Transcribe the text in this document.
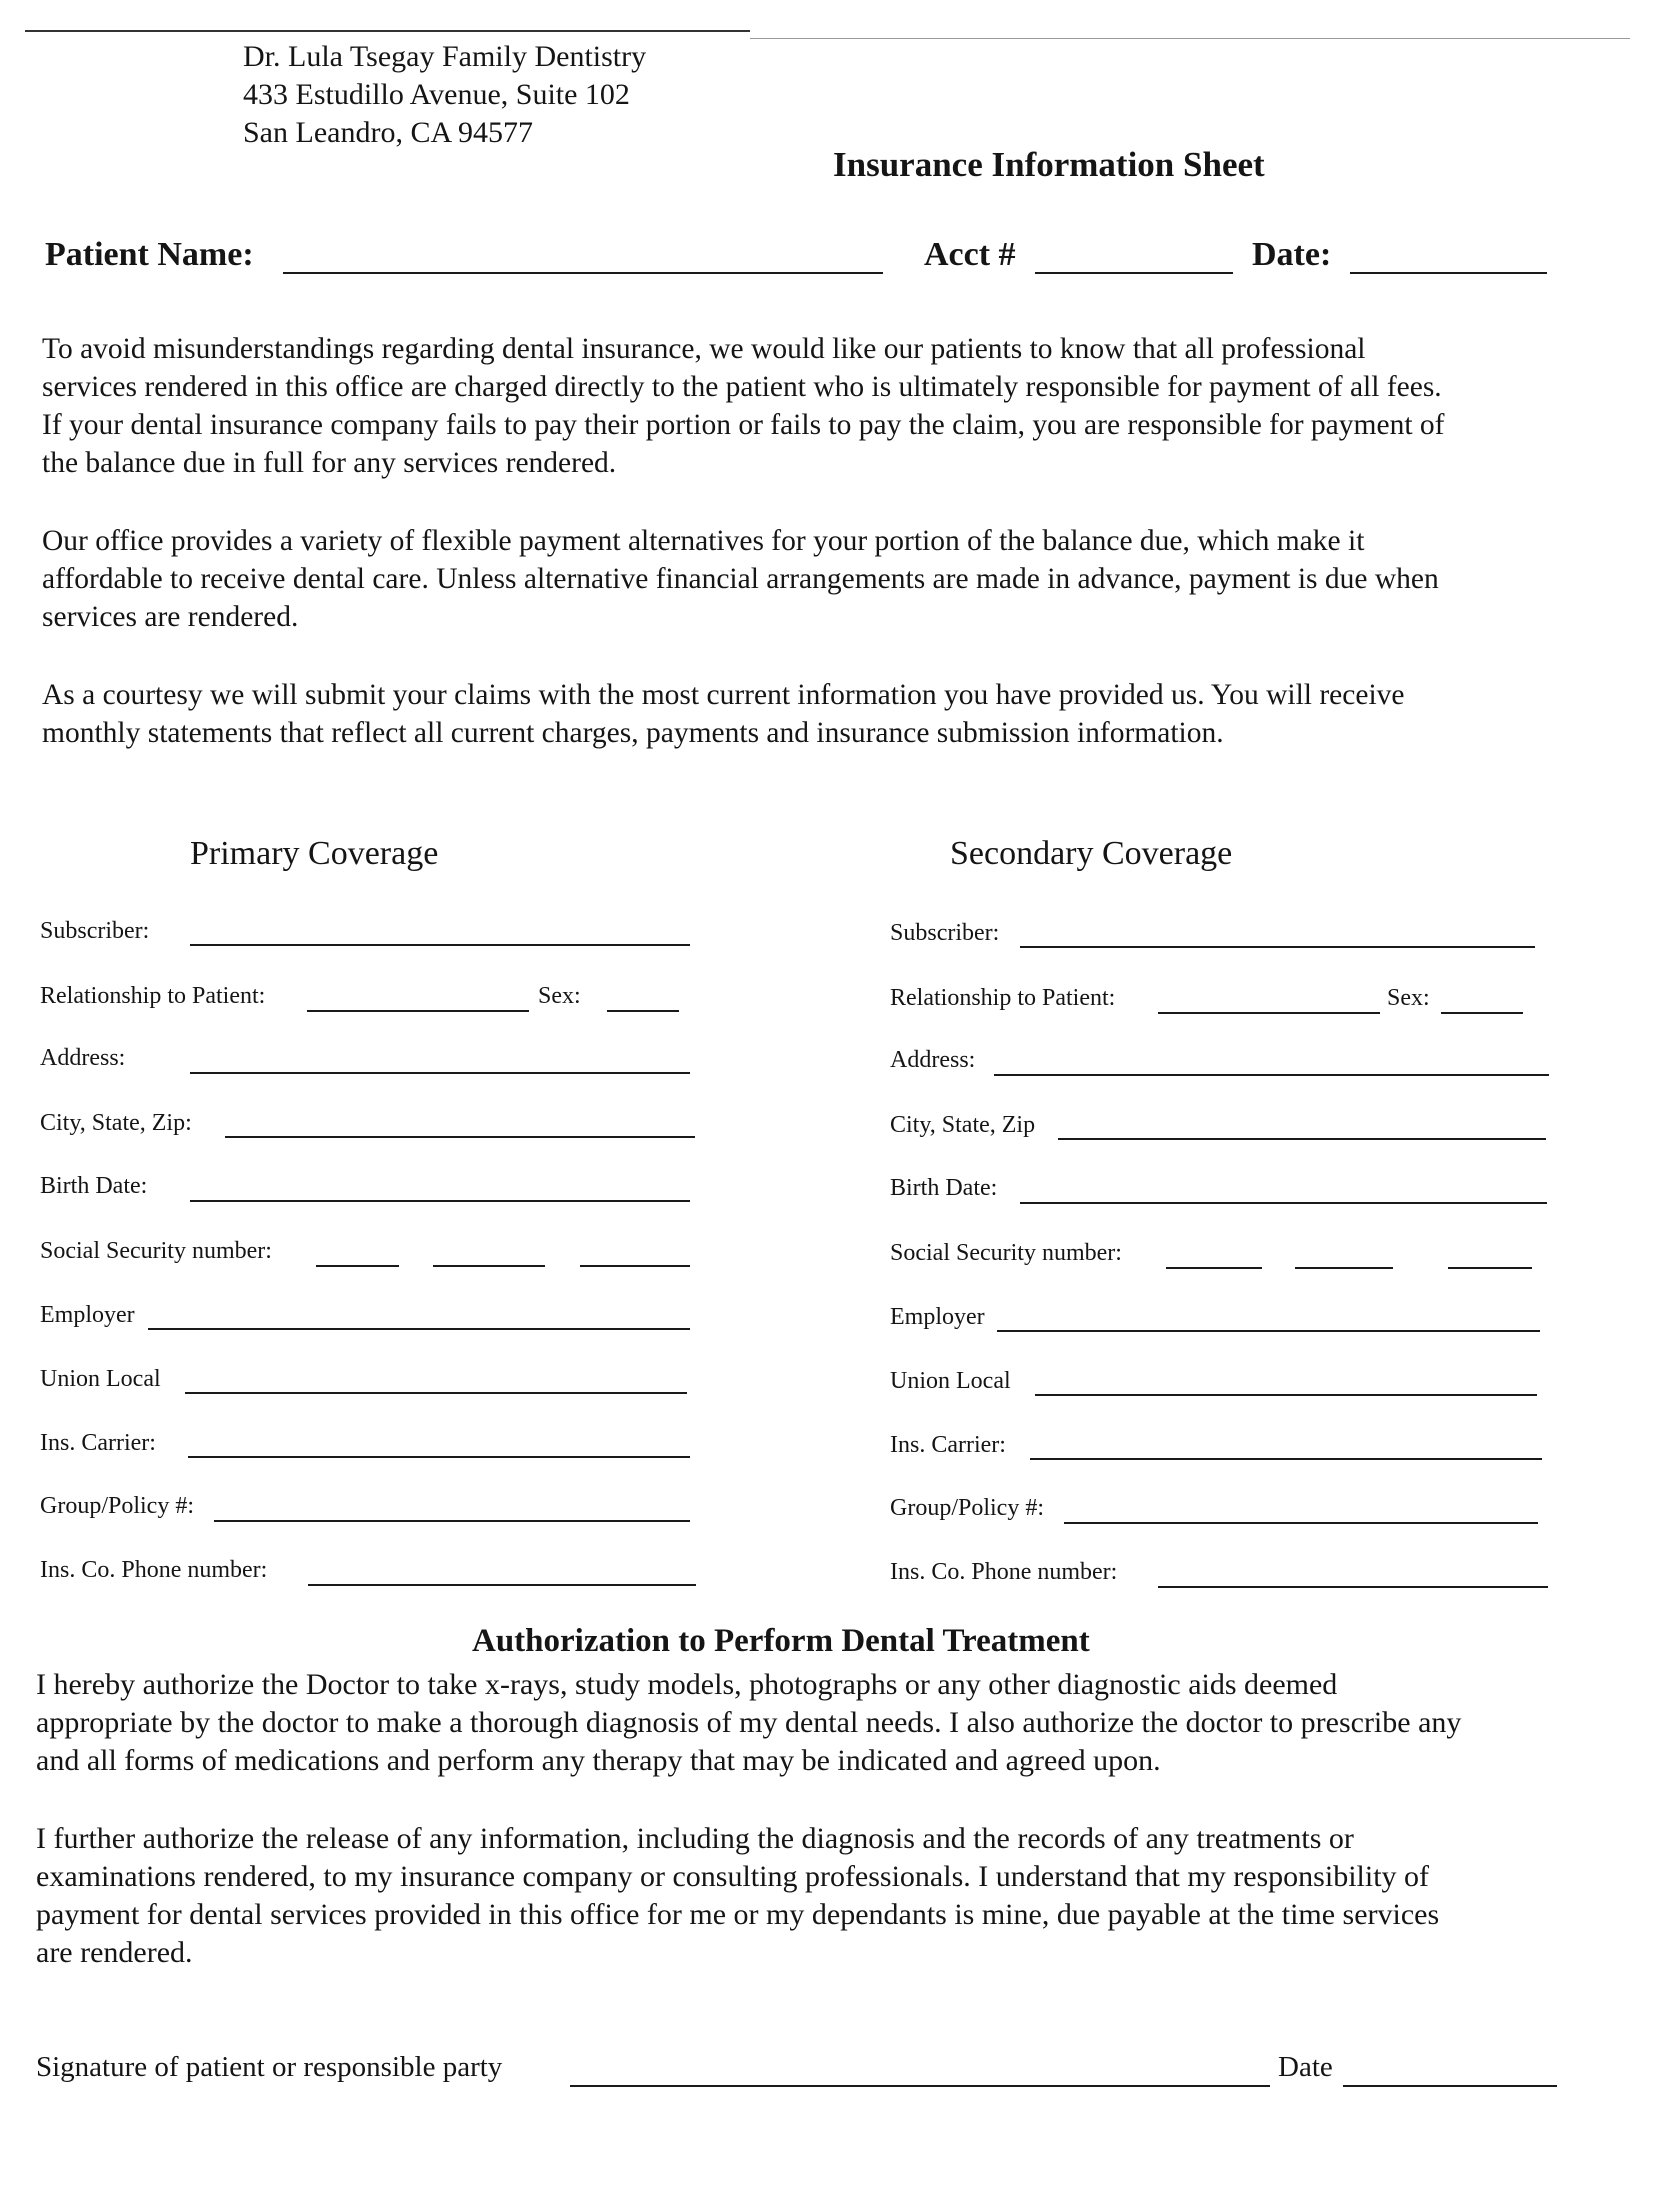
Dr. Lula Tsegay Family Dentistry
433 Estudillo Avenue, Suite 102
San Leandro, CA 94577
Insurance Information Sheet
Patient Name:	Acct #	Date:
To avoid misunderstandings regarding dental insurance, we would like our patients to know that all professional
services rendered in this office are charged directly to the patient who is ultimately responsible for payment of all fees.
If your dental insurance company fails to pay their portion or fails to pay the claim, you are responsible for payment of
the balance due in full for any services rendered.
Our office provides a variety of flexible payment alternatives for your portion of the balance due, which make it
affordable to receive dental care. Unless alternative financial arrangements are made in advance, payment is due when
services are rendered.
As a courtesy we will submit your claims with the most current information you have provided us. You will receive
monthly statements that reflect all current charges, payments and insurance submission information.
Primary Coverage	Secondary Coverage
Subscriber:
Relationship to Patient:	Sex:
Address:
City, State, Zip:
Birth Date:
Social Security number:
Employer
Union Local
Ins. Carrier:
Group/Policy #:
Ins. Co. Phone number:
Subscriber:
Relationship to Patient:	Sex:
Address:
City, State, Zip
Birth Date:
Social Security number:
Employer
Union Local
Ins. Carrier:
Group/Policy #:
Ins. Co. Phone number:
Authorization to Perform Dental Treatment
I hereby authorize the Doctor to take x-rays, study models, photographs or any other diagnostic aids deemed
appropriate by the doctor to make a thorough diagnosis of my dental needs. I also authorize the doctor to prescribe any
and all forms of medications and perform any therapy that may be indicated and agreed upon.
I further authorize the release of any information, including the diagnosis and the records of any treatments or
examinations rendered, to my insurance company or consulting professionals. I understand that my responsibility of
payment for dental services provided in this office for me or my dependants is mine, due payable at the time services
are rendered.
Signature of patient or responsible party	Date
